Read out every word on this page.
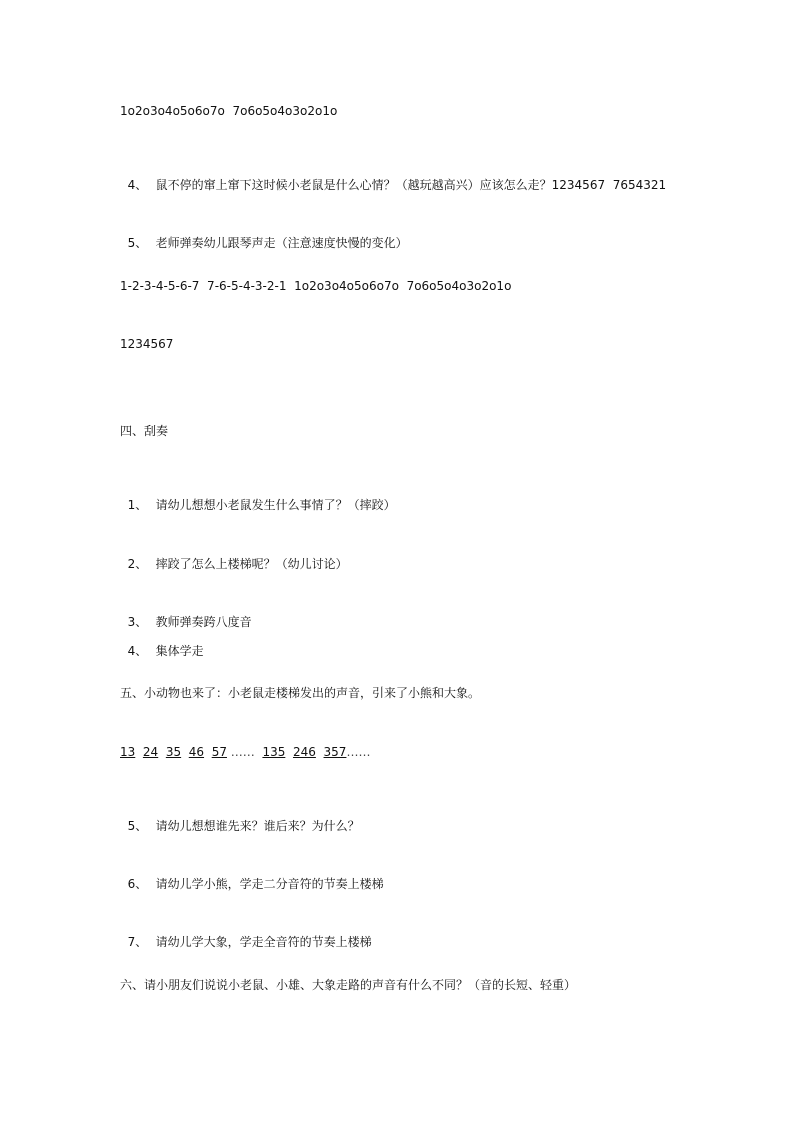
1o2o3o4o5o6o7o  7o6o5o4o3o2o1o

4、 鼠不停的窜上窜下这时候小老鼠是什么心情？（越玩越高兴）应该怎么走？1234567  7654321

5、 老师弹奏幼儿跟琴声走（注意速度快慢的变化）

1-2-3-4-5-6-7  7-6-5-4-3-2-1  1o2o3o4o5o6o7o  7o6o5o4o3o2o1o
1234567
四、刮奏

1、 请幼儿想想小老鼠发生什么事情了？（摔跤）

2、 摔跤了怎么上楼梯呢？（幼儿讨论）

3、 教师弹奏跨八度音

4、 集体学走

五、小动物也来了：小老鼠走楼梯发出的声音，引来了小熊和大象。
13 24 35 46 57 …… 135 246 357……

5、 请幼儿想想谁先来？谁后来？为什么？

6、 请幼儿学小熊，学走二分音符的节奏上楼梯

7、 请幼儿学大象，学走全音符的节奏上楼梯

六、请小朋友们说说小老鼠、小雄、大象走路的声音有什么不同？（音的长短、轻重）
